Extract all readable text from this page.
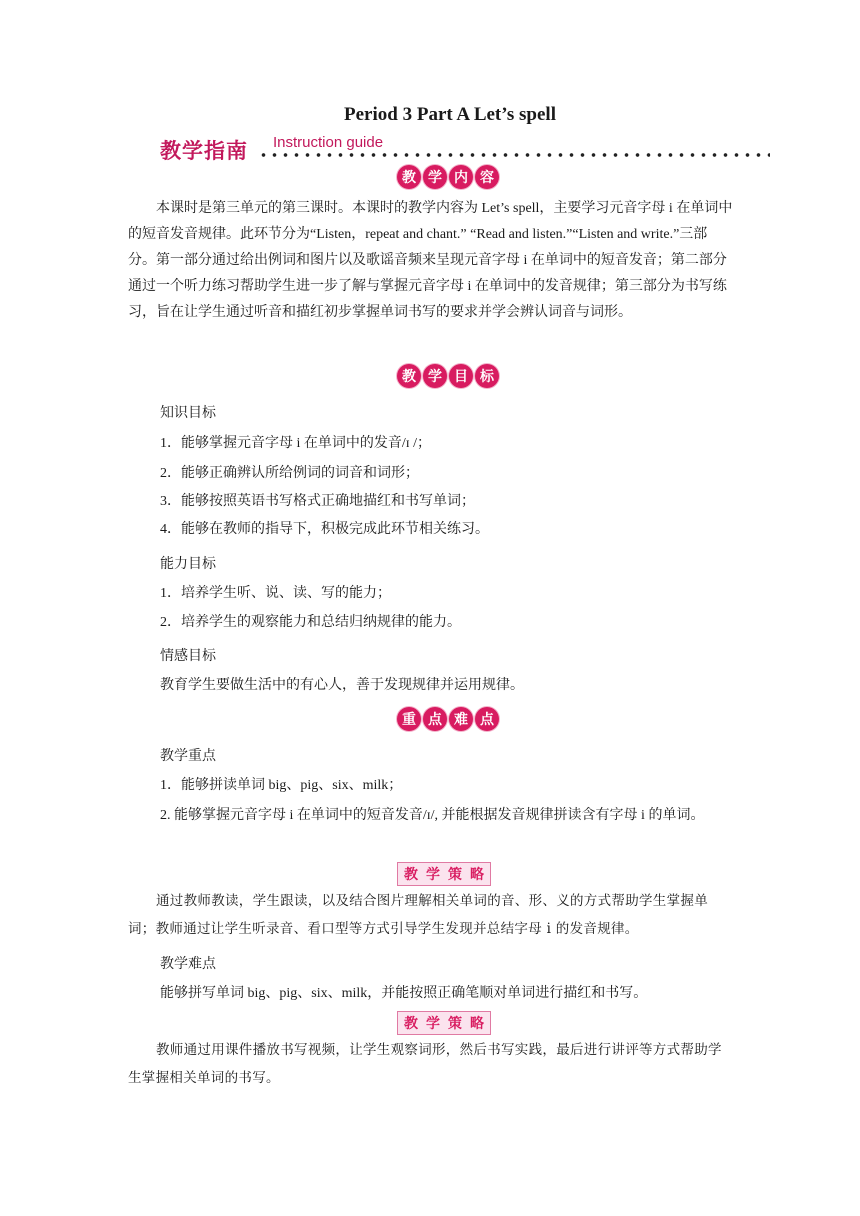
Period 3 Part A Let’s spell
教学指南 Instruction guide
教 学 内 容
本课时是第三单元的第三课时。本课时的教学内容为 Let’s spell，主要学习元音字母 i 在单词中的短音发音规律。此环节分为“Listen，repeat and chant.” “Read and listen.”“Listen and write.”三部分。第一部分通过给出例词和图片以及歌谣音频来呈现元音字母 i 在单词中的短音发音；第二部分通过一个听力练习帮助学生进一步了解与掌握元音字母 i 在单词中的发音规律；第三部分为书写练习，旨在让学生通过听音和描红初步掌握单词书写的要求并学会辨认词音与词形。
教 学 目 标
知识目标
1．能够掌握元音字母 i 在单词中的发音/ɪ /；
2．能够正确辨认所给例词的词音和词形；
3．能够按照英语书写格式正确地描红和书写单词；
4．能够在教师的指导下，积极完成此环节相关练习。
能力目标
1．培养学生听、说、读、写的能力；
2．培养学生的观察能力和总结归纳规律的能力。
情感目标
教育学生要做生活中的有心人，善于发现规律并运用规律。
重 点 难 点
教学重点
1．能够拼读单词 big、pig、six、milk；
2. 能够掌握元音字母 i 在单词中的短音发音/ɪ/, 并能根据发音规律拼读含有字母 i 的单词。
教 学 策 略
通过教师教读，学生跟读，以及结合图片理解相关单词的音、形、义的方式帮助学生掌握单词；教师通过让学生听录音、看口型等方式引导学生发现并总结字母 i 的发音规律。
教学难点
能够拼写单词 big、pig、six、milk，并能按照正确笔顺对单词进行描红和书写。
教 学 策 略
教师通过用课件播放书写视频，让学生观察词形，然后书写实践，最后进行讲评等方式帮助学生掌握相关单词的书写。
